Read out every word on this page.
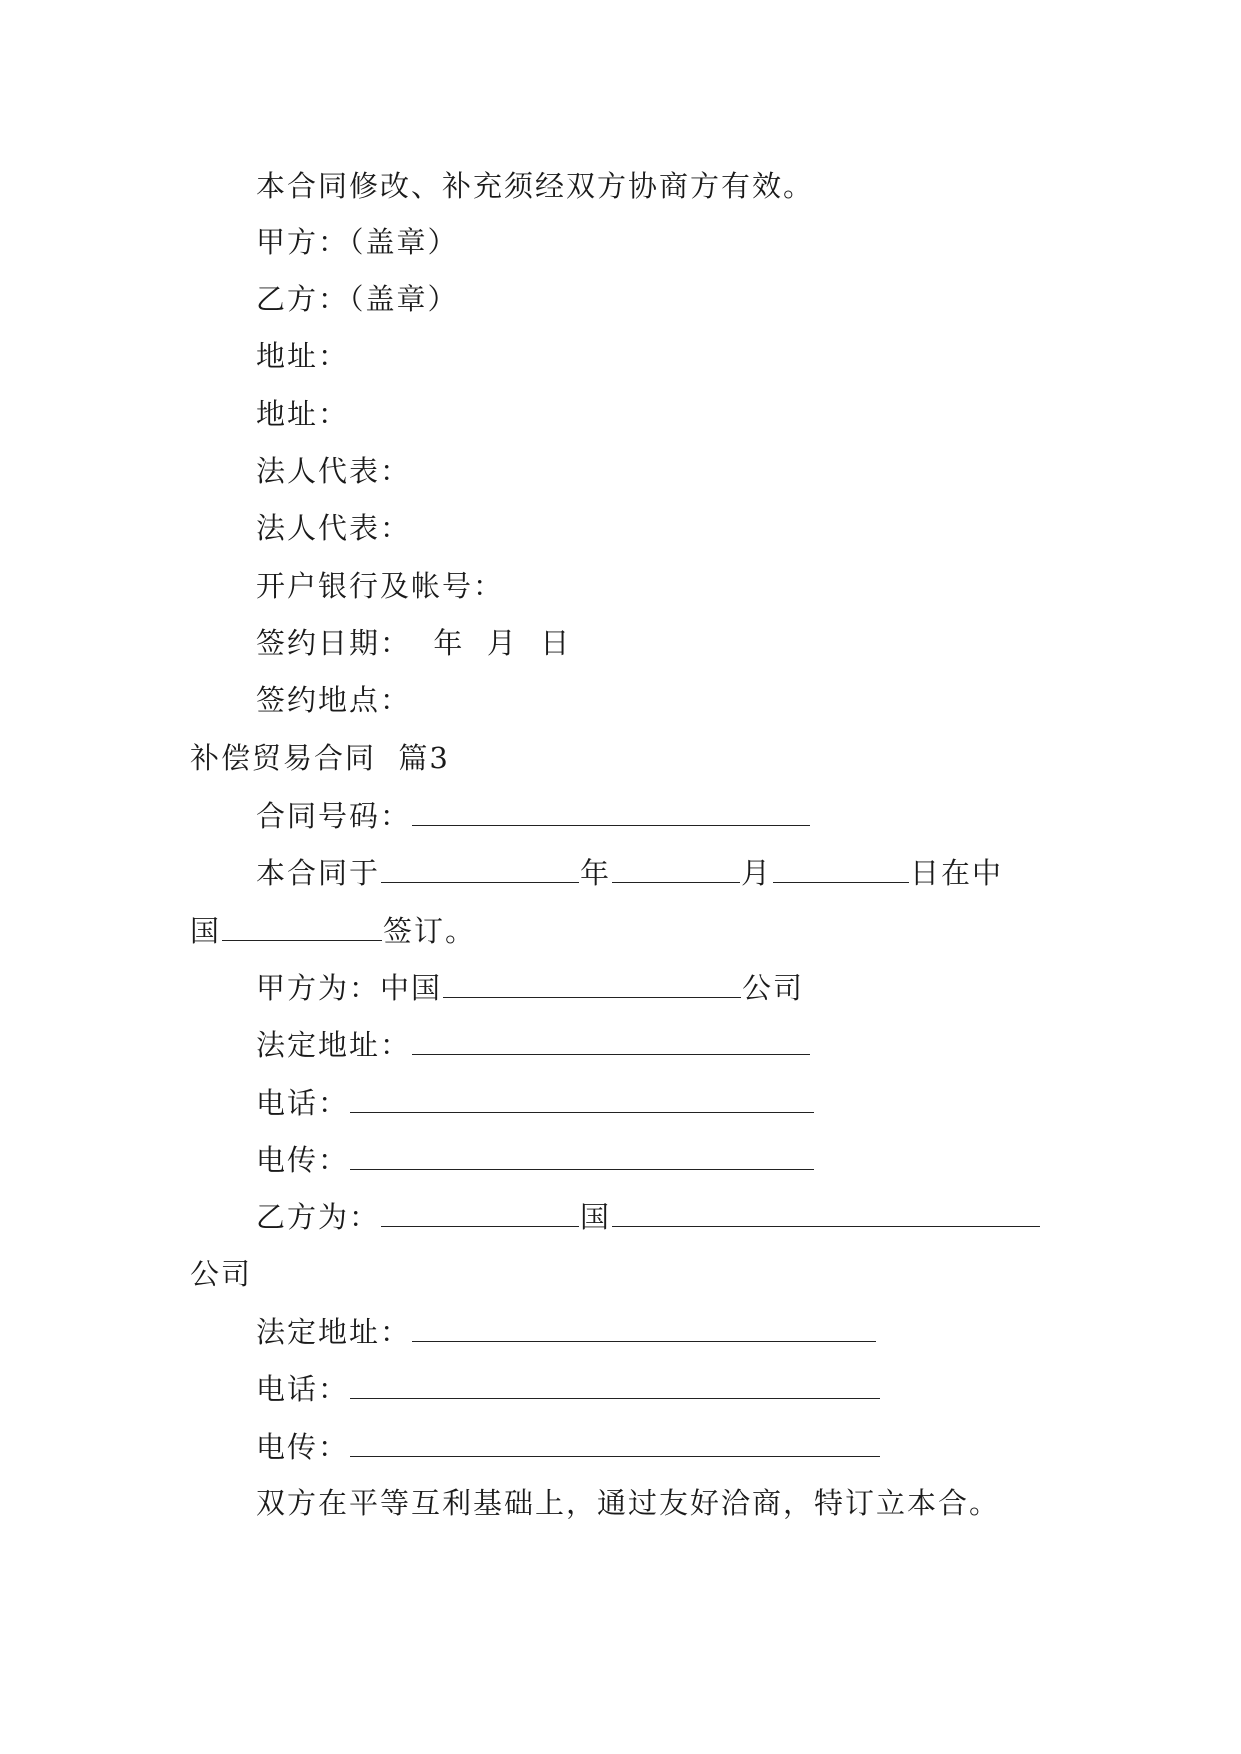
本合同修改、补充须经双方协商方有效。
甲方：（盖章）
乙方：（盖章）
地址：
地址：
法人代表：
法人代表：
开户银行及帐号：
签约日期：  年  月  日
签约地点：
补偿贸易合同  篇3
合同号码：
本合同于	年	月	日在中
国	签订。
甲方为：中国	公司
法定地址：
电话：
电传：
乙方为：	国
公司
法定地址：
电话：
电传：
双方在平等互利基础上，通过友好洽商，特订立本合。
